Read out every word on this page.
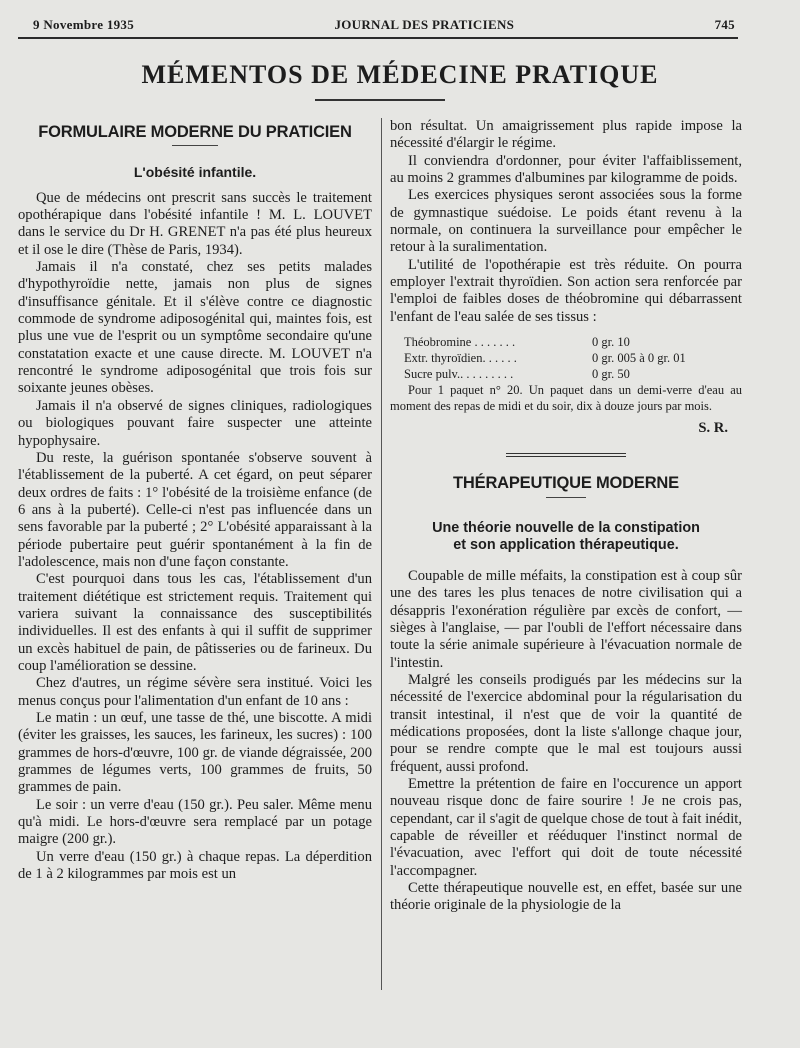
9 Novembre 1935	JOURNAL DES PRATICIENS	745
MÉMENTOS DE MÉDECINE PRATIQUE
FORMULAIRE MODERNE DU PRATICIEN
L'obésité infantile.

Que de médecins ont prescrit sans succès le traitement opothérapique dans l'obésité infantile ! M. L. LOUVET dans le service du Dr H. GRENET n'a pas été plus heureux et il ose le dire (Thèse de Paris, 1934).

Jamais il n'a constaté, chez ses petits malades d'hypothyroïdie nette, jamais non plus de signes d'insuffisance génitale. Et il s'élève contre ce diagnostic commode de syndrome adiposogénital qui, maintes fois, est plus une vue de l'esprit ou un symptôme secondaire qu'une constatation exacte et une cause directe. M. LOUVET n'a rencontré le syndrome adiposogénital que trois fois sur soixante jeunes obèses.

Jamais il n'a observé de signes cliniques, radiologiques ou biologiques pouvant faire suspecter une atteinte hypophysaire.

Du reste, la guérison spontanée s'observe souvent à l'établissement de la puberté. A cet égard, on peut séparer deux ordres de faits : 1° l'obésité de la troisième enfance (de 6 ans à la puberté). Celle-ci n'est pas influencée dans un sens favorable par la puberté ; 2° L'obésité apparaissant à la période pubertaire peut guérir spontanément à la fin de l'adolescence, mais non d'une façon constante.

C'est pourquoi dans tous les cas, l'établissement d'un traitement diététique est strictement requis. Traitement qui variera suivant la connaissance des susceptibilités individuelles. Il est des enfants à qui il suffit de supprimer un excès habituel de pain, de pâtisseries ou de farineux. Du coup l'amélioration se dessine.

Chez d'autres, un régime sévère sera institué. Voici les menus conçus pour l'alimentation d'un enfant de 10 ans :

Le matin : un œuf, une tasse de thé, une biscotte. A midi (éviter les graisses, les sauces, les farineux, les sucres) : 100 grammes de hors-d'œuvre, 100 gr. de viande dégraissée, 200 grammes de légumes verts, 100 grammes de fruits, 50 grammes de pain.

Le soir : un verre d'eau (150 gr.). Peu saler. Même menu qu'à midi. Le hors-d'œuvre sera remplacé par un potage maigre (200 gr.).

Un verre d'eau (150 gr.) à chaque repas. La déperdition de 1 à 2 kilogrammes par mois est un

bon résultat. Un amaigrissement plus rapide impose la nécessité d'élargir le régime.

Il conviendra d'ordonner, pour éviter l'affaiblissement, au moins 2 grammes d'albumines par kilogramme de poids.

Les exercices physiques seront associées sous la forme de gymnastique suédoise. Le poids étant revenu à la normale, on continuera la surveillance pour empêcher le retour à la suralimentation.

L'utilité de l'opothérapie est très réduite. On pourra employer l'extrait thyroïdien. Son action sera renforcée par l'emploi de faibles doses de théobromine qui débarrassent l'enfant de l'eau salée de ses tissus :

Théobromine . . . . . . .	0 gr. 10
Extr. thyroïdien. . . . . .	0 gr. 005 à 0 gr. 01
Sucre pulv.. . . . . . . . .	0 gr. 50

Pour 1 paquet n° 20. Un paquet dans un demi-verre d'eau au moment des repas de midi et du soir, dix à douze jours par mois.

S. R.
THÉRAPEUTIQUE MODERNE
Une théorie nouvelle de la constipation
et son application thérapeutique.

Coupable de mille méfaits, la constipation est à coup sûr une des tares les plus tenaces de notre civilisation qui a désappris l'exonération régulière par excès de confort, — sièges à l'anglaise, — par l'oubli de l'effort nécessaire dans toute la série animale supérieure à l'évacuation normale de l'intestin.

Malgré les conseils prodigués par les médecins sur la nécessité de l'exercice abdominal pour la régularisation du transit intestinal, il n'est que de voir la quantité de médications proposées, dont la liste s'allonge chaque jour, pour se rendre compte que le mal est toujours aussi fréquent, aussi profond.

Emettre la prétention de faire en l'occurence un apport nouveau risque donc de faire sourire ! Je ne crois pas, cependant, car il s'agit de quelque chose de tout à fait inédit, capable de réveiller et rééduquer l'instinct normal de l'évacuation, avec l'effort qui doit de toute nécessité l'accompagner.

Cette thérapeutique nouvelle est, en effet, basée sur une théorie originale de la physiologie de la
